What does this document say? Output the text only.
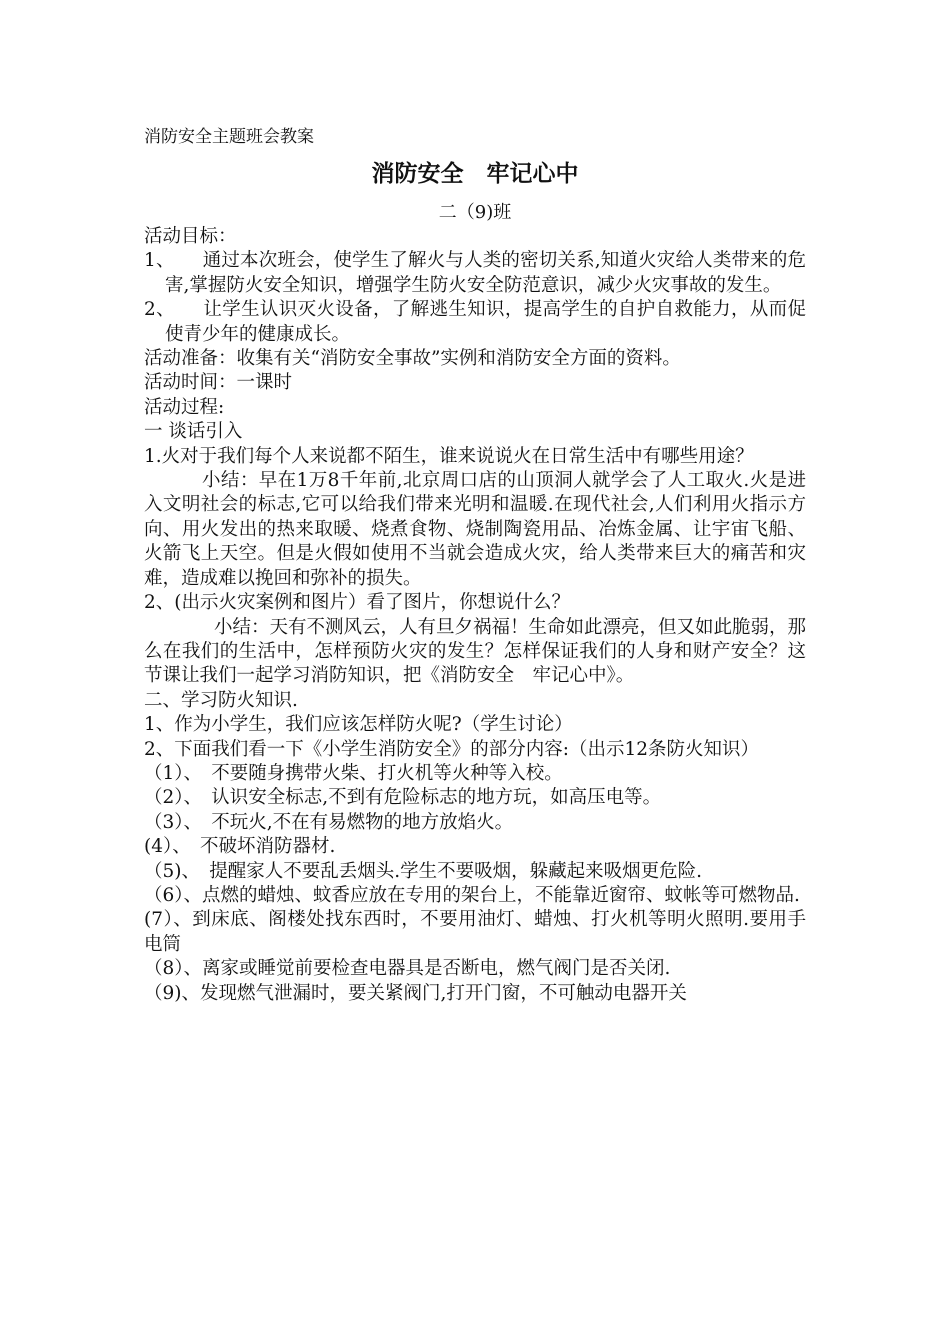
消防安全主题班会教案
消防安全　牢记心中
二（9)班

活动目标：

1、　　通过本次班会，使学生了解火与人类的密切关系,知道火灾给人类带来的危害,掌握防火安全知识，增强学生防火安全防范意识，减少火灾事故的发生。

2、　　让学生认识灭火设备，了解逃生知识，提高学生的自护自救能力，从而促使青少年的健康成长。

活动准备：收集有关“消防安全事故”实例和消防安全方面的资料。

活动时间：一课时

活动过程:

一 谈话引入

1.火对于我们每个人来说都不陌生，谁来说说火在日常生活中有哪些用途？

小结：早在1万8千年前,北京周口店的山顶洞人就学会了人工取火.火是进入文明社会的标志,它可以给我们带来光明和温暖.在现代社会,人们利用火指示方向、用火发出的热来取暖、烧煮食物、烧制陶瓷用品、冶炼金属、让宇宙飞船、火箭飞上天空。但是火假如使用不当就会造成火灾，给人类带来巨大的痛苦和灾难，造成难以挽回和弥补的损失。

2、(出示火灾案例和图片）看了图片，你想说什么？

小结：天有不测风云，人有旦夕祸福！生命如此漂亮，但又如此脆弱，那么在我们的生活中，怎样预防火灾的发生？怎样保证我们的人身和财产安全？这节课让我们一起学习消防知识，把《消防安全　牢记心中》。

二、学习防火知识.

1、作为小学生，我们应该怎样防火呢?（学生讨论）

2、下面我们看一下《小学生消防安全》的部分内容:（出示12条防火知识）

（1）、　不要随身携带火柴、打火机等火种等入校。

（2）、　认识安全标志,不到有危险标志的地方玩，如高压电等。

（3）、　不玩火,不在有易燃物的地方放焰火。

(4）、　不破坏消防器材.

（5)、　提醒家人不要乱丢烟头.学生不要吸烟，躲藏起来吸烟更危险.

（6）、点燃的蜡烛、蚊香应放在专用的架台上，不能靠近窗帘、蚊帐等可燃物品.

(7）、到床底、阁楼处找东西时，不要用油灯、蜡烛、打火机等明火照明.要用手电筒

（8）、离家或睡觉前要检查电器具是否断电，燃气阀门是否关闭.

（9)、发现燃气泄漏时，要关紧阀门,打开门窗，不可触动电器开关
